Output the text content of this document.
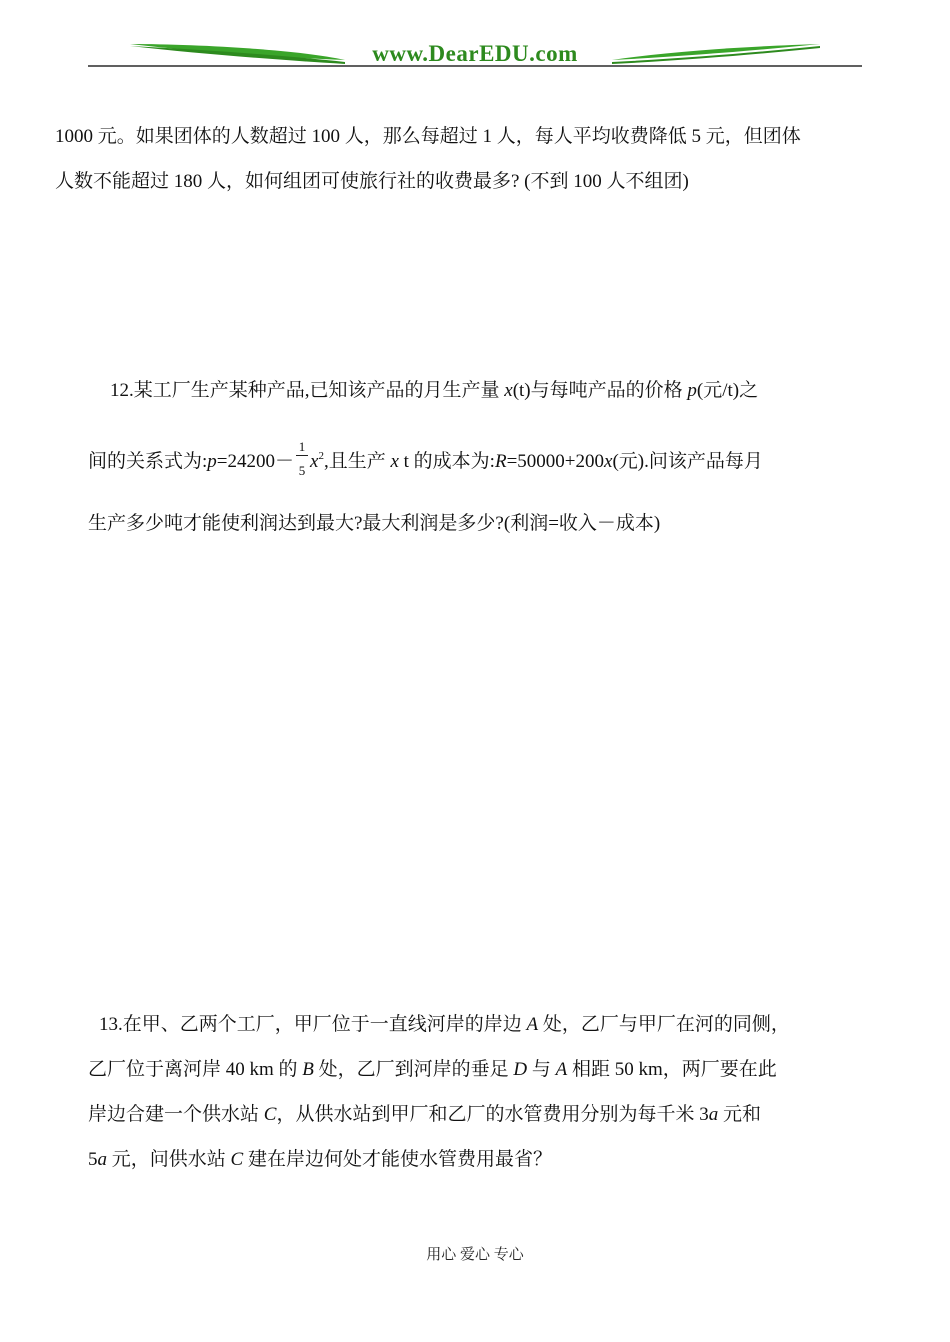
www.DearEDU.com
1000 元。如果团体的人数超过 100 人，那么每超过 1 人，每人平均收费降低 5 元，但团体
人数不能超过 180 人，如何组团可使旅行社的收费最多? (不到 100 人不组团)
12.某工厂生产某种产品,已知该产品的月生产量 x(t)与每吨产品的价格 p(元/t)之
间的关系式为:p=24200－ $\frac{1}{5} x^2$,且生产 x t 的成本为:R=50000+200x(元).问该产品每月
生产多少吨才能使利润达到最大?最大利润是多少?(利润=收入－成本)
13.在甲、乙两个工厂，甲厂位于一直线河岸的岸边 A 处，乙厂与甲厂在河的同侧，
乙厂位于离河岸 40 km 的 B 处，乙厂到河岸的垂足 D 与 A 相距 50 km，两厂要在此
岸边合建一个供水站 C，从供水站到甲厂和乙厂的水管费用分别为每千米 3a 元和
5a 元，问供水站 C 建在岸边何处才能使水管费用最省？
用心 爱心 专心
